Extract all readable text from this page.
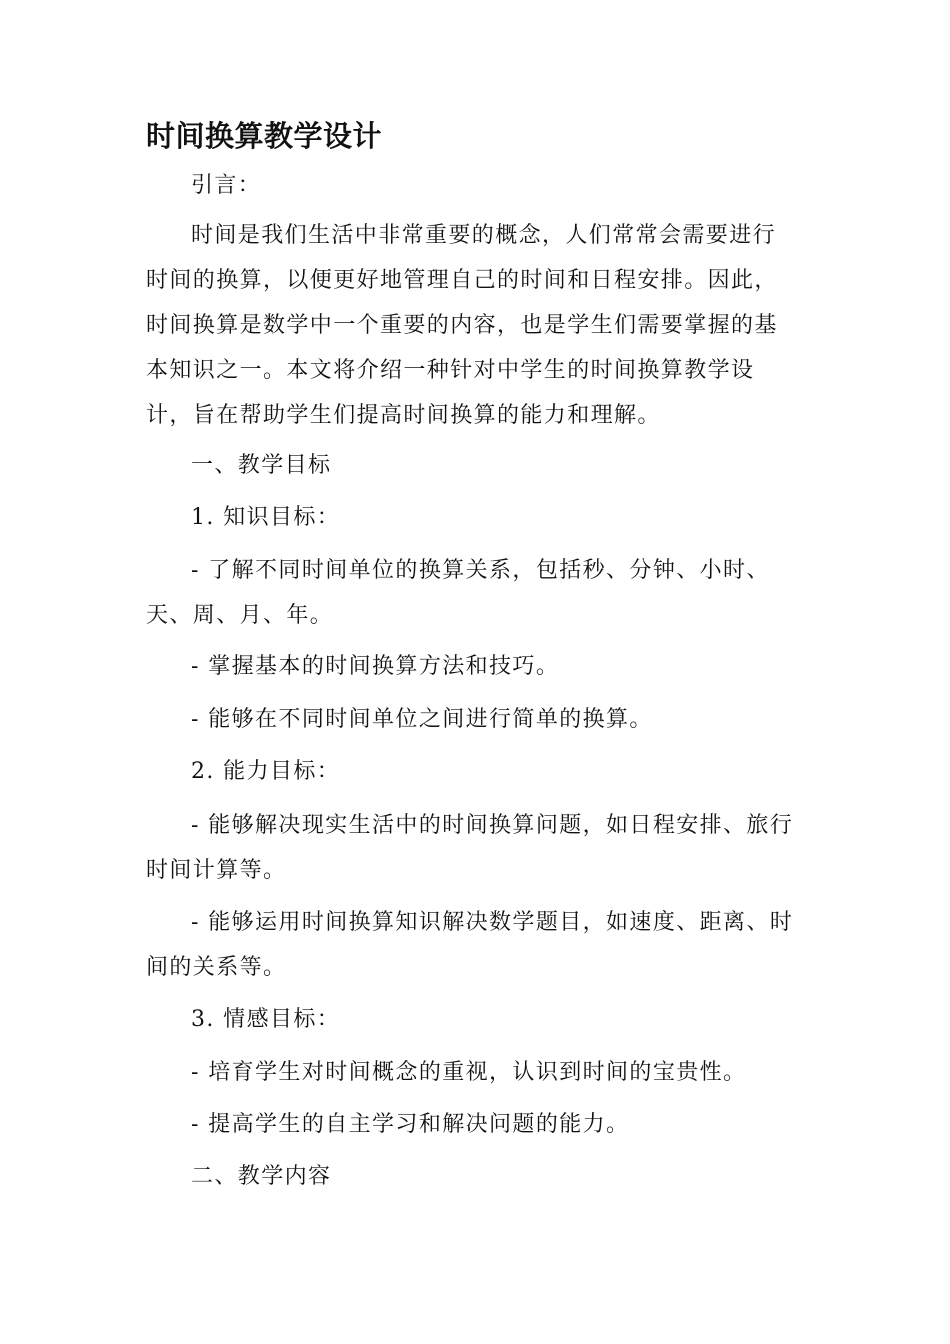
时间换算教学设计

引言：

时间是我们生活中非常重要的概念，人们常常会需要进行时间的换算，以便更好地管理自己的时间和日程安排。因此，时间换算是数学中一个重要的内容，也是学生们需要掌握的基本知识之一。本文将介绍一种针对中学生的时间换算教学设计，旨在帮助学生们提高时间换算的能力和理解。

一、教学目标

1. 知识目标：

- 了解不同时间单位的换算关系，包括秒、分钟、小时、天、周、月、年。

- 掌握基本的时间换算方法和技巧。

- 能够在不同时间单位之间进行简单的换算。

2. 能力目标：

- 能够解决现实生活中的时间换算问题，如日程安排、旅行时间计算等。

- 能够运用时间换算知识解决数学题目，如速度、距离、时间的关系等。

3. 情感目标：

- 培育学生对时间概念的重视，认识到时间的宝贵性。

- 提高学生的自主学习和解决问题的能力。

二、教学内容
